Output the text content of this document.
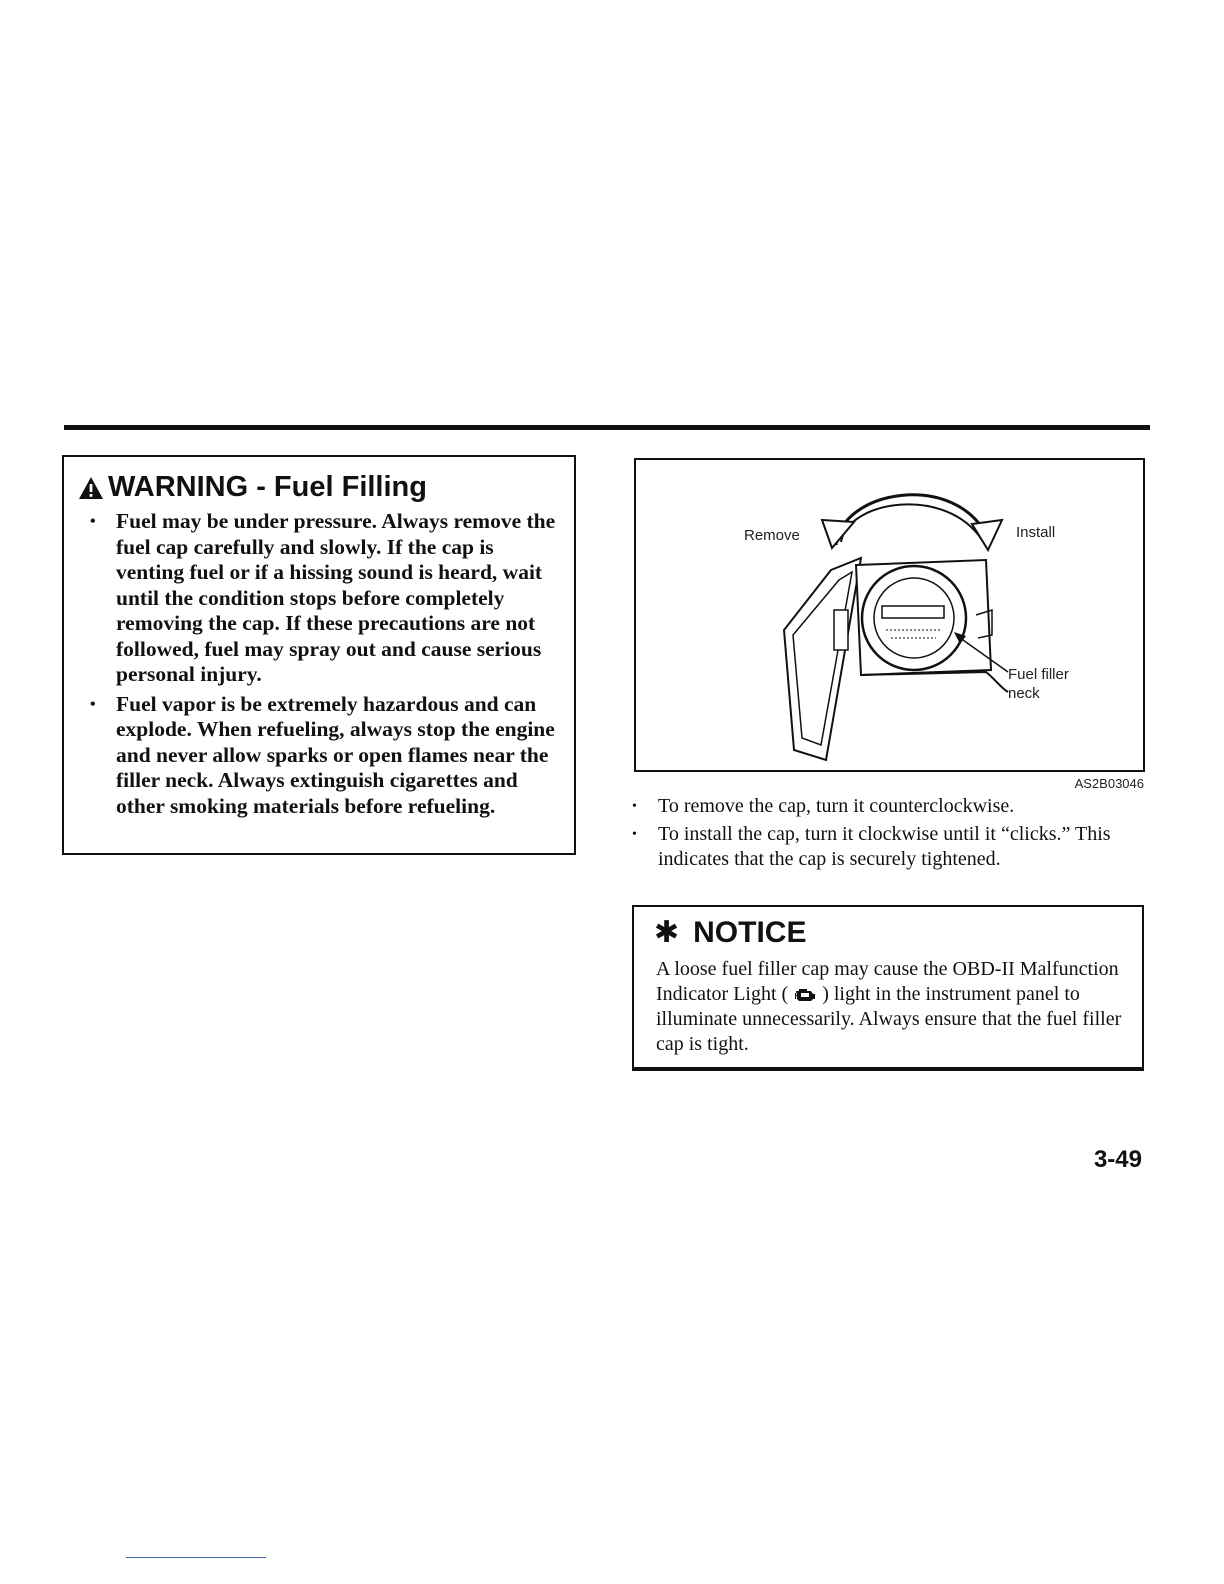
WARNING - Fuel Filling
• Fuel may be under pressure. Always remove the fuel cap carefully and slowly. If the cap is venting fuel or if a hissing sound is heard, wait until the condition stops before completely removing the cap. If these precautions are not followed, fuel may spray out and cause serious personal injury.
• Fuel vapor is be extremely hazardous and can explode. When refueling, always stop the engine and never allow sparks or open flames near the filler neck. Always extinguish cigarettes and other smoking materials before refueling.
Remove	Install
Fuel filler
neck
AS2B03046
• To remove the cap, turn it counterclockwise.
• To install the cap, turn it clockwise until it “clicks.” This indicates that the cap is securely tightened.
✱ NOTICE
A loose fuel filler cap may cause the OBD-II Malfunction Indicator Light ( ) light in the instrument panel to illuminate unnecessarily. Always ensure that the fuel filler cap is tight.
3-49
